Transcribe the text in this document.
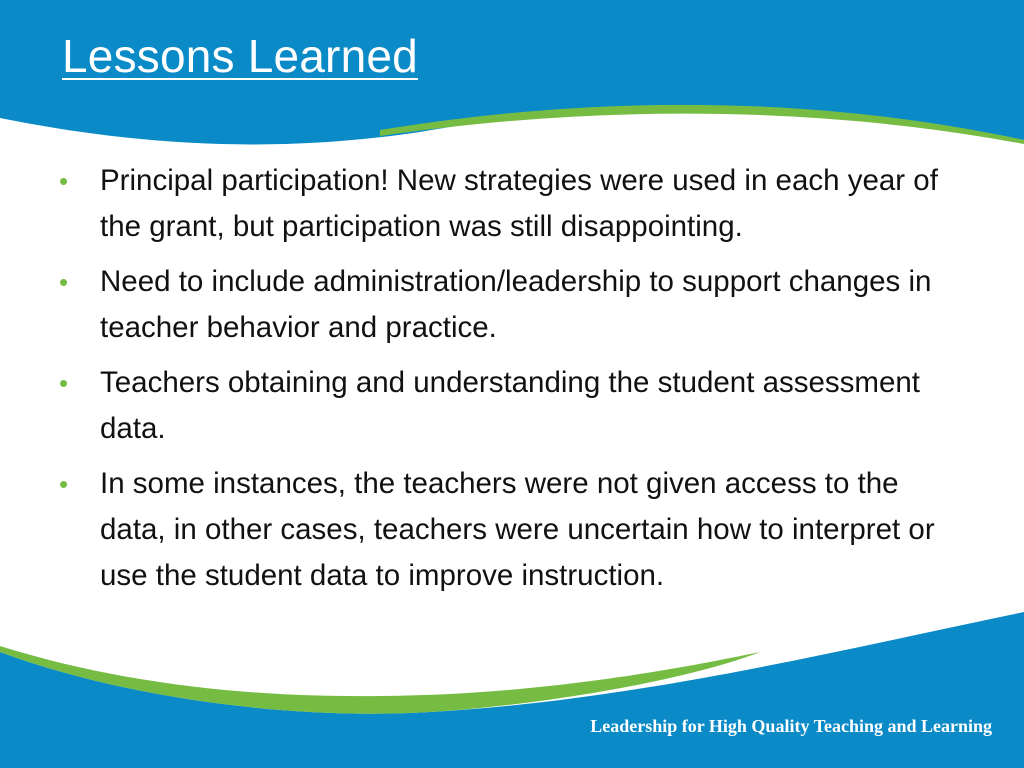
Lessons Learned
• Principal participation! New strategies were used in each year of the grant, but participation was still disappointing.
• Need to include administration/leadership to support changes in teacher behavior and practice.
• Teachers obtaining and understanding the student assessment data.
• In some instances, the teachers were not given access to the data, in other cases, teachers were uncertain how to interpret or use the student data to improve instruction.

Leadership for High Quality Teaching and Learning
